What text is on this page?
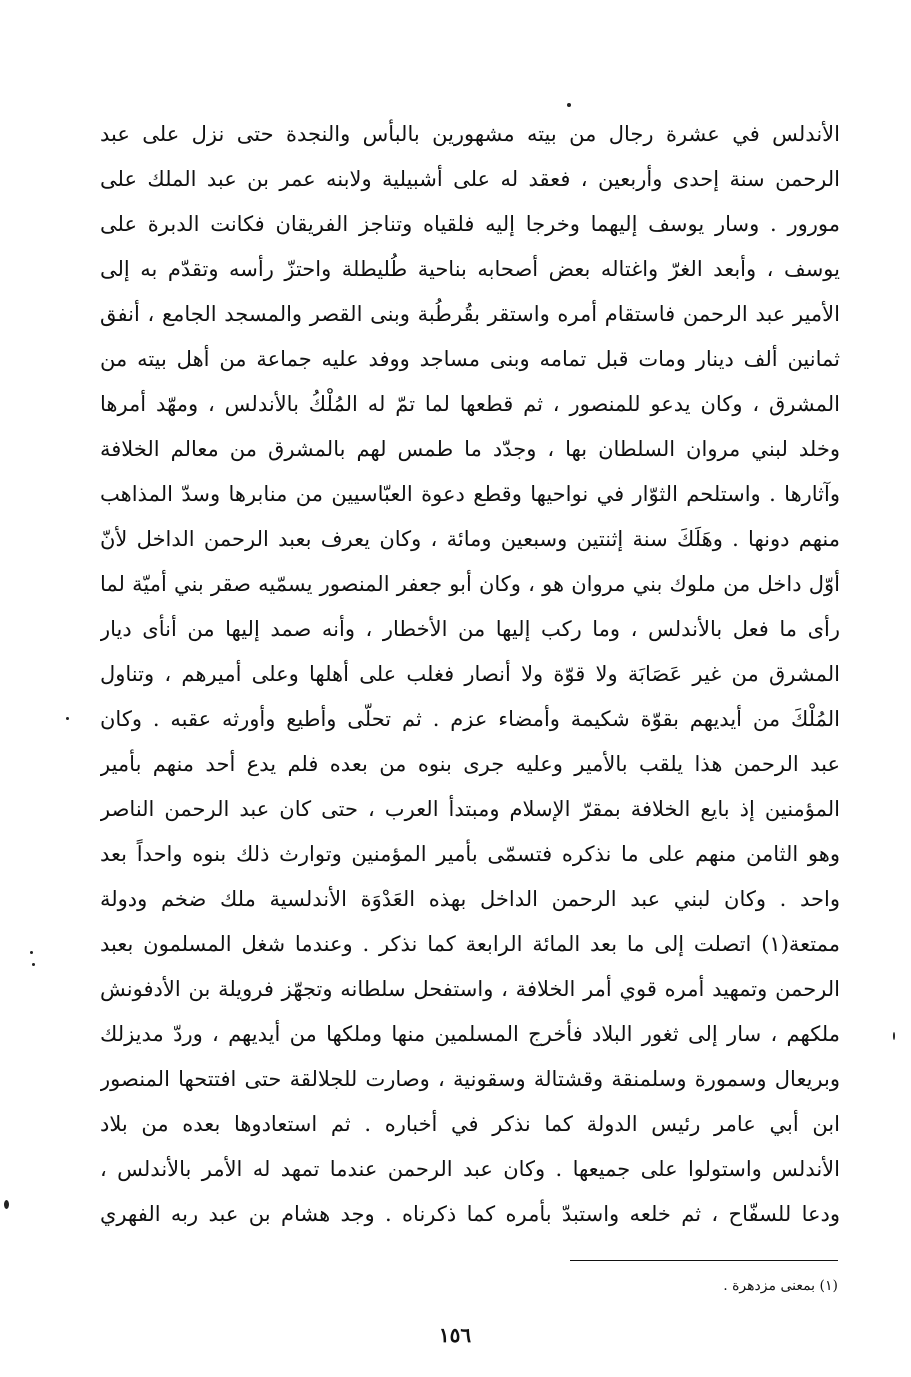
الأندلس في عشرة رجال من بيته مشهورين بالبأس والنجدة حتى نزل على عبد
الرحمن سنة إحدى وأربعين ، فعقد له على أشبيلية ولابنه عمر بن عبد الملك على
مورور . وسار يوسف إليهما وخرجا إليه فلقياه وتناجز الفريقان فكانت الدبرة على
يوسف ، وأبعد الغرّ واغتاله بعض أصحابه بناحية طُليطلة واحتزّ رأسه وتقدّم به إلى
الأمير عبد الرحمن فاستقام أمره واستقر بقُرطُبة وبنى القصر والمسجد الجامع ، أنفق
ثمانين ألف دينار ومات قبل تمامه وبنى مساجد ووفد عليه جماعة من أهل بيته من
المشرق ، وكان يدعو للمنصور ، ثم قطعها لما تمّ له المُلْكُ بالأندلس ، ومهّد أمرها
وخلد لبني مروان السلطان بها ، وجدّد ما طمس لهم بالمشرق من معالم الخلافة
وآثارها . واستلحم الثوّار في نواحيها وقطع دعوة العبّاسيين من منابرها وسدّ المذاهب
منهم دونها . وهَلَكَ سنة إثنتين وسبعين ومائة ، وكان يعرف بعبد الرحمن الداخل لأنّ
أوّل داخل من ملوك بني مروان هو ، وكان أبو جعفر المنصور يسمّيه صقر بني أميّة لما
رأى ما فعل بالأندلس ، وما ركب إليها من الأخطار ، وأنه صمد إليها من أنأى ديار
المشرق من غير عَصَابَة ولا قوّة ولا أنصار فغلب على أهلها وعلى أميرهم ، وتناول
المُلْكَ من أيديهم بقوّة شكيمة وأمضاء عزم . ثم تحلّى وأطيع وأورثه عقبه . وكان
عبد الرحمن هذا يلقب بالأمير وعليه جرى بنوه من بعده فلم يدع أحد منهم بأمير
المؤمنين إذ بايع الخلافة بمقرّ الإسلام ومبتدأ العرب ، حتى كان عبد الرحمن الناصر
وهو الثامن منهم على ما نذكره فتسمّى بأمير المؤمنين وتوارث ذلك بنوه واحداً بعد
واحد . وكان لبني عبد الرحمن الداخل بهذه العَدْوَة الأندلسية ملك ضخم ودولة
ممتعة(١) اتصلت إلى ما بعد المائة الرابعة كما نذكر . وعندما شغل المسلمون بعبد
الرحمن وتمهيد أمره قوي أمر الخلافة ، واستفحل سلطانه وتجهّز فرويلة بن الأدفونش
ملكهم ، سار إلى ثغور البلاد فأخرج المسلمين منها وملكها من أيديهم ، وردّ مديزلك
وبريعال وسمورة وسلمنقة وقشتالة وسقونية ، وصارت للجلالقة حتى افتتحها المنصور
ابن أبي عامر رئيس الدولة كما نذكر في أخباره . ثم استعادوها بعده من بلاد
الأندلس واستولوا على جميعها . وكان عبد الرحمن عندما تمهد له الأمر بالأندلس ،
ودعا للسفّاح ، ثم خلعه واستبدّ بأمره كما ذكرناه . وجد هشام بن عبد ربه الفهري
(١) بمعنى مزدهرة .
١٥٦
